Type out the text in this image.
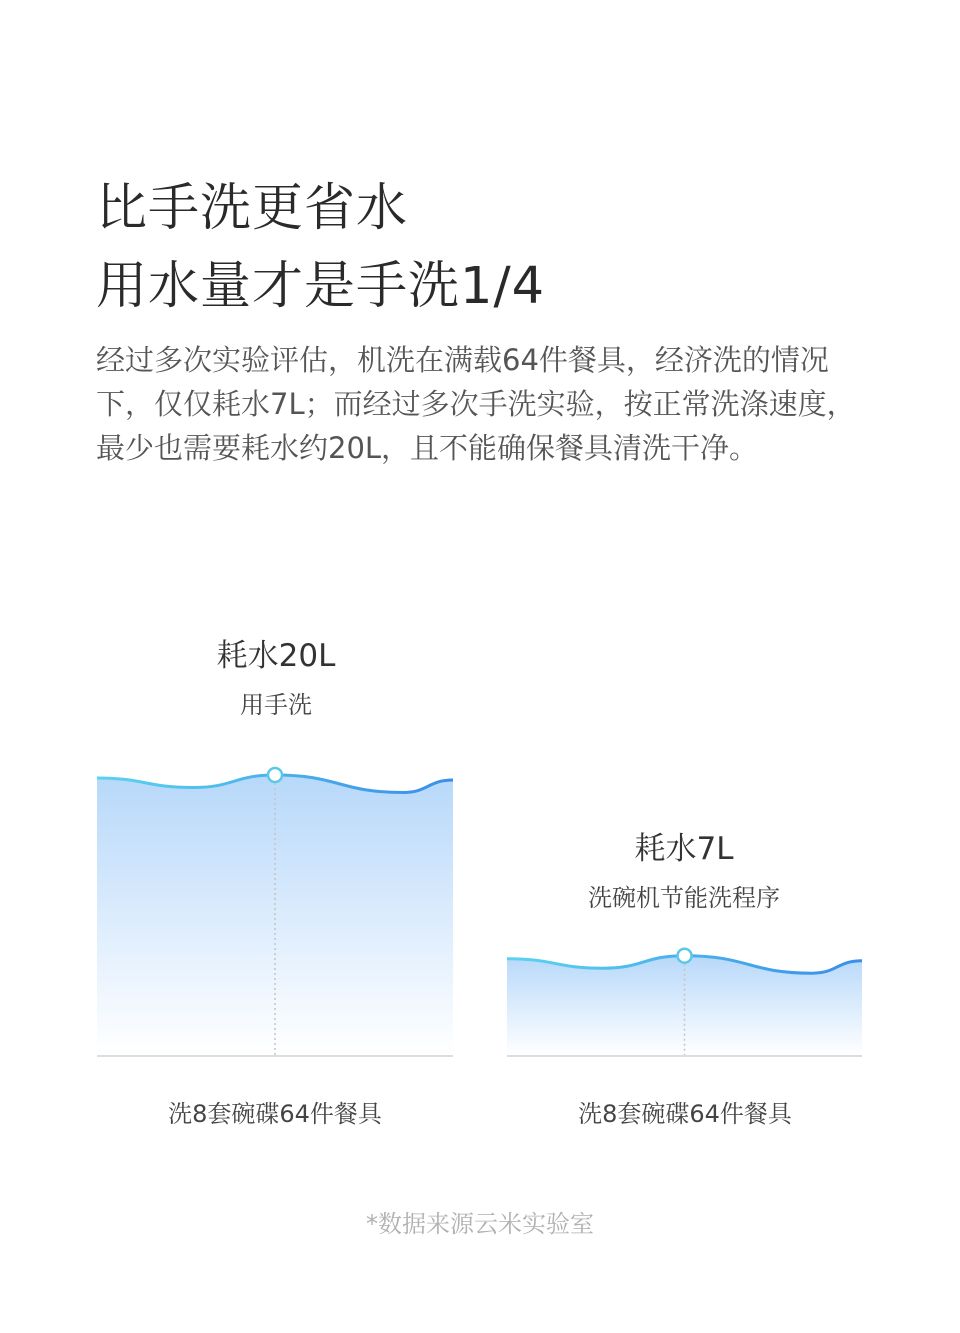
比手洗更省水
用水量才是手洗1/4
经过多次实验评估，机洗在满载64件餐具，经济洗的情况下，仅仅耗水7L；而经过多次手洗实验，按正常洗涤速度，最少也需要耗水约20L，且不能确保餐具清洗干净。
耗水20L
用手洗
耗水7L
洗碗机节能洗程序
洗8套碗碟64件餐具	洗8套碗碟64件餐具
*数据来源云米实验室
